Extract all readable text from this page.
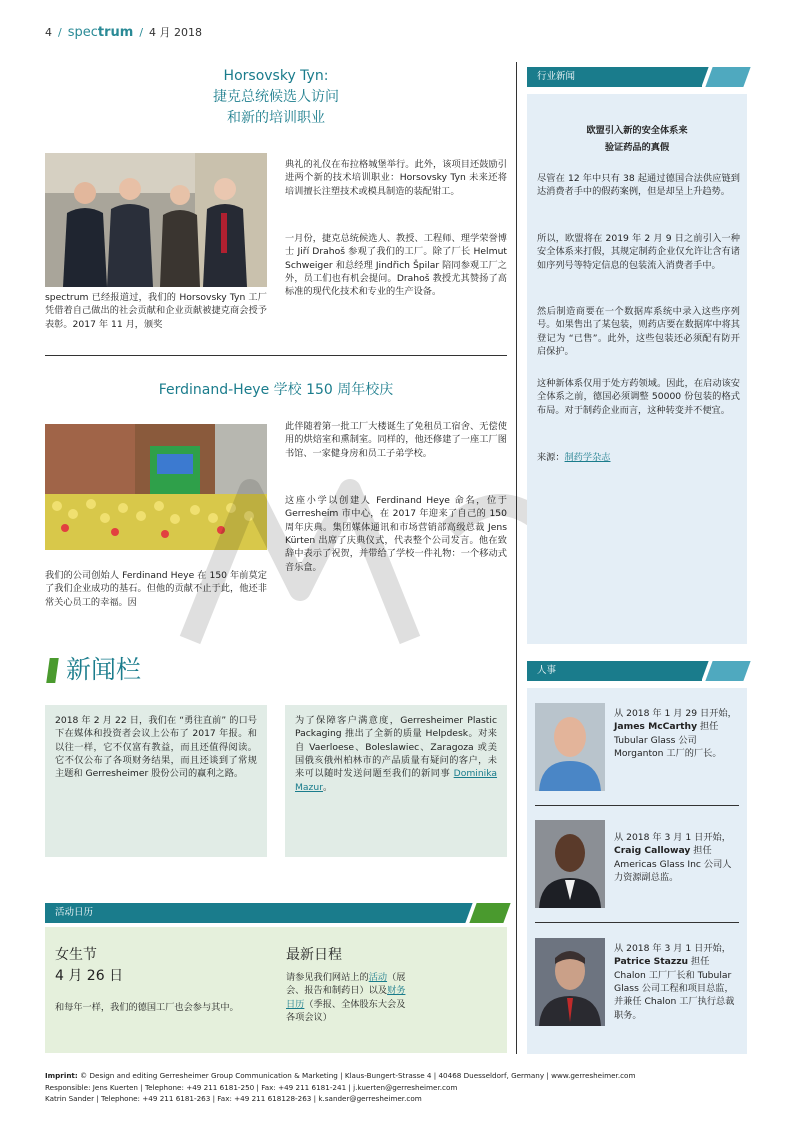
4 / spectrum / 4 月 2018
Horsovsky Tyn:
捷克总统候选人访问
和新的培训职业
spectrum 已经报道过，我们的 Horsovsky Tyn 工厂凭借着自己做出的社会贡献和企业贡献被捷克商会授予表彰。2017 年 11 月，颁奖
典礼的礼仪在布拉格城堡举行。此外，该项目还鼓励引进两个新的技术培训职业：Horsovsky Tyn 未来还将培训擅长注塑技术或模具制造的装配钳工。
一月份，捷克总统候选人、教授、工程师、理学荣誉博士 Jiří Drahoš 参观了我们的工厂。除了厂长 Helmut Schweiger 和总经理 Jindřich Špilar 陪同参观工厂之外，员工们也有机会提问。Drahoš 教授尤其赞扬了高标准的现代化技术和专业的生产设备。
Ferdinand-Heye 学校 150 周年校庆
我们的公司创始人 Ferdinand Heye 在 150 年前莫定了我们企业成功的基石。但他的贡献不止于此，他还非常关心员工的幸福。因
此伴随着第一批工厂大楼诞生了免租员工宿舍、无偿使用的烘焙室和熏制室。同样的，他还修建了一座工厂图书馆、一家健身房和员工子弟学校。
这座小学以创建人 Ferdinand Heye 命名，位于 Gerresheim 市中心，在 2017 年迎来了自己的 150 周年庆典。集团媒体通讯和市场营销部高级总裁 Jens Kürten 出席了庆典仪式，代表整个公司发言。他在致辞中表示了祝贺，并带给了学校一件礼物：一个移动式音乐盒。
新闻栏
2018 年 2 月 22 日，我们在 “勇往直前” 的口号下在媒体和投资者会议上公布了 2017 年报。和以往一样，它不仅富有教益，而且还值得阅读。它不仅公布了各项财务结果，而且还谈到了常规主题和 Gerresheimer 股份公司的赢利之路。
为了保障客户满意度，Gerresheimer Plastic Packaging 推出了全新的质量 Helpdesk。对来自 Vaerloese、Boleslawiec、Zaragoza 或美国俄亥俄州柏林市的产品质量有疑问的客户，未来可以随时发送问题至我们的新同事 Dominika Mazur。
活动日历
女生节
4 月 26 日
和每年一样，我们的德国工厂也会参与其中。
最新日程
请参见我们网站上的活动（展会、报告和制药日）以及财务日历（季报、全体股东大会及各项会议）
行业新闻
欧盟引入新的安全体系来
验证药品的真假
尽管在 12 年中只有 38 起通过德国合法供应链到达消费者手中的假药案例，但是却呈上升趋势。
所以，欧盟将在 2019 年 2 月 9 日之前引入一种安全体系来打假，其规定制药企业仅允许让含有诸如序列号等特定信息的包装流入消费者手中。
然后制造商要在一个数据库系统中录入这些序列号。如果售出了某包装，则药店要在数据库中将其登记为 “已售”。此外，这些包装还必须配有防开启保护。
这种新体系仅用于处方药领域。因此，在启动该安全体系之前，德国必须调整 50000 份包装的格式布局。对于制药企业而言，这种转变并不便宜。
来源：制药学杂志
人事
从 2018 年 1 月 29 日开始，James McCarthy 担任 Tubular Glass 公司 Morganton 工厂的厂长。
从 2018 年 3 月 1 日开始，Craig Calloway 担任 Americas Glass Inc 公司人力资源副总监。
从 2018 年 3 月 1 日开始，Patrice Stazzu 担任 Chalon 工厂厂长和 Tubular Glass 公司工程和项目总监，并兼任 Chalon 工厂执行总裁职务。
Imprint: © Design and editing Gerresheimer Group Communication & Marketing | Klaus-Bungert-Strasse 4 | 40468 Duesseldorf, Germany | www.gerresheimer.com
Responsible: Jens Kuerten | Telephone: +49 211 6181-250 | Fax: +49 211 6181-241 | j.kuerten@gerresheimer.com
Katrin Sander | Telephone: +49 211 6181-263 | Fax: +49 211 618128-263 | k.sander@gerresheimer.com
